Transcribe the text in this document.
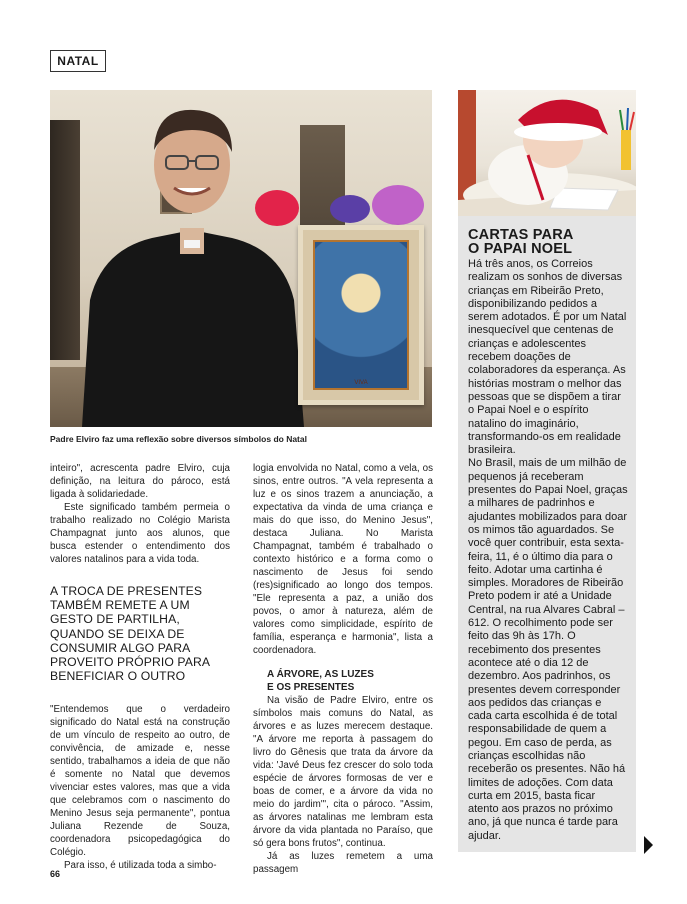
NATAL
VIVA
Padre Elviro faz uma reflexão sobre diversos símbolos do Natal
CARTAS PARA
O PAPAI NOEL

Há três anos, os Correios realizam os sonhos de diversas crianças em Ribeirão Preto, disponibilizando pedidos a serem adotados. É por um Natal inesquecível que centenas de crianças e adolescentes recebem doações de colaboradores da esperança. As histórias mostram o melhor das pessoas que se dispõem a tirar o Papai Noel e o espírito natalino do imaginário, transformando-os em realidade brasileira.

No Brasil, mais de um milhão de pequenos já receberam presentes do Papai Noel, graças a milhares de padrinhos e ajudantes mobilizados para doar os mimos tão aguardados. Se você quer contribuir, esta sexta-feira, 11, é o último dia para o feito. Adotar uma cartinha é simples. Moradores de Ribeirão Preto podem ir até a Unidade Central, na rua Alvares Cabral – 612. O recolhimento pode ser feito das 9h às 17h. O recebimento dos presentes acontece até o dia 12 de dezembro. Aos padrinhos, os presentes devem corresponder aos pedidos das crianças e cada carta escolhida é de total responsabilidade de quem a pegou. Em caso de perda, as crianças escolhidas não receberão os presentes. Não há limites de adoções. Com data curta em 2015, basta ficar atento aos prazos no próximo ano, já que nunca é tarde para ajudar.

inteiro", acrescenta padre Elviro, cuja definição, na leitura do pároco, está ligada à solidariedade.

Este significado também permeia o trabalho realizado no Colégio Marista Champagnat junto aos alunos, que busca estender o entendimento dos valores natalinos para a vida toda.

A TROCA DE PRESENTES TAMBÉM REMETE A UM GESTO DE PARTILHA, QUANDO SE DEIXA DE CONSUMIR ALGO PARA PROVEITO PRÓPRIO PARA BENEFICIAR O OUTRO

"Entendemos que o verdadeiro significado do Natal está na construção de um vínculo de respeito ao outro, de convivência, de amizade e, nesse sentido, trabalhamos a ideia de que não é somente no Natal que devemos vivenciar estes valores, mas que a vida que celebramos com o nascimento do Menino Jesus seja permanente", pontua Juliana Rezende de Souza, coordenadora psicopedagógica do Colégio.

Para isso, é utilizada toda a simbo-

logia envolvida no Natal, como a vela, os sinos, entre outros. "A vela representa a luz e os sinos trazem a anunciação, a expectativa da vinda de uma criança e mais do que isso, do Menino Jesus", destaca Juliana. No Marista Champagnat, também é trabalhado o contexto histórico e a forma como o nascimento de Jesus foi sendo (res)significado ao longo dos tempos. "Ele representa a paz, a união dos povos, o amor à natureza, além de valores como simplicidade, espírito de família, esperança e harmonia", lista a coordenadora.

A ÁRVORE, AS LUZES
E OS PRESENTES

Na visão de Padre Elviro, entre os símbolos mais comuns do Natal, as árvores e as luzes merecem destaque. "A árvore me reporta à passagem do livro do Gênesis que trata da árvore da vida: 'Javé Deus fez crescer do solo toda espécie de árvores formosas de ver e boas de comer, e a árvore da vida no meio do jardim'", cita o pároco. "Assim, as árvores natalinas me lembram esta árvore da vida plantada no Paraíso, que só gera bons frutos", continua.

Já as luzes remetem a uma passagem

66
